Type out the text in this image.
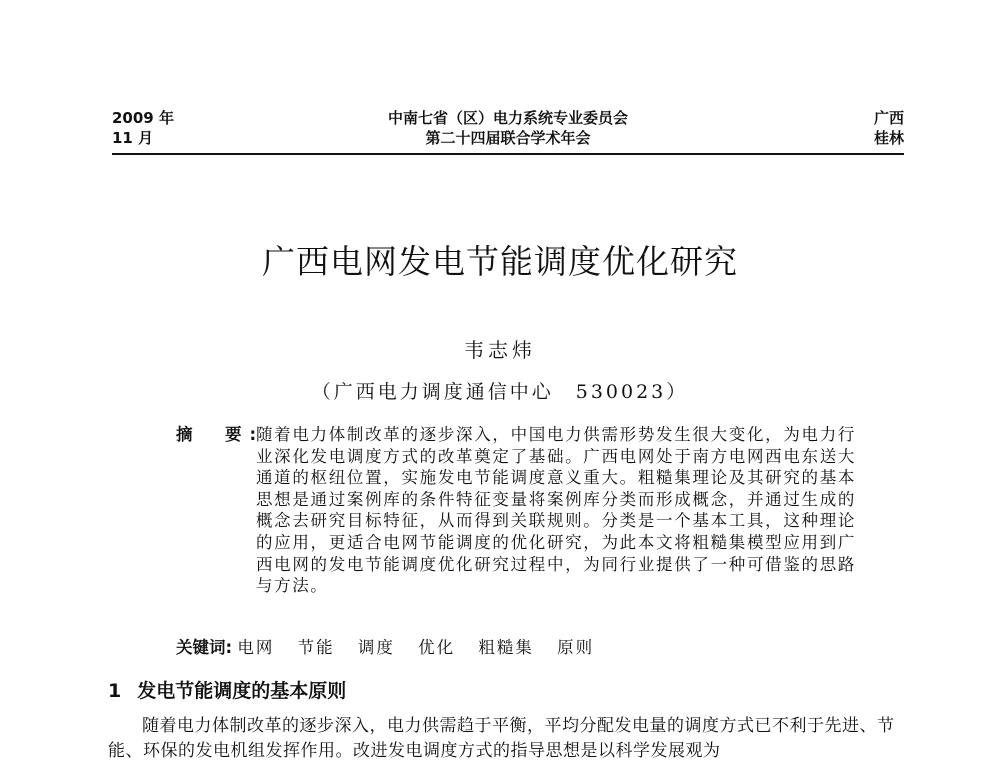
2009 年
11 月
中南七省（区）电力系统专业委员会
第二十四届联合学术年会
广西
桂林
广西电网发电节能调度优化研究
韦志炜
（广西电力调度通信中心　530023）
摘　要:
随着电力体制改革的逐步深入，中国电力供需形势发生很大变化，为电力行业深化发电调度方式的改革奠定了基础。广西电网处于南方电网西电东送大通道的枢纽位置，实施发电节能调度意义重大。粗糙集理论及其研究的基本思想是通过案例库的条件特征变量将案例库分类而形成概念，并通过生成的概念去研究目标特征，从而得到关联规则。分类是一个基本工具，这种理论的应用，更适合电网节能调度的优化研究，为此本文将粗糙集模型应用到广西电网的发电节能调度优化研究过程中，为同行业提供了一种可借鉴的思路与方法。
关键词: 电网 节能 调度 优化 粗糙集 原则
1 发电节能调度的基本原则
随着电力体制改革的逐步深入，电力供需趋于平衡，平均分配发电量的调度方式已不利于先进、节能、环保的发电机组发挥作用。改进发电调度方式的指导思想是以科学发展观为
